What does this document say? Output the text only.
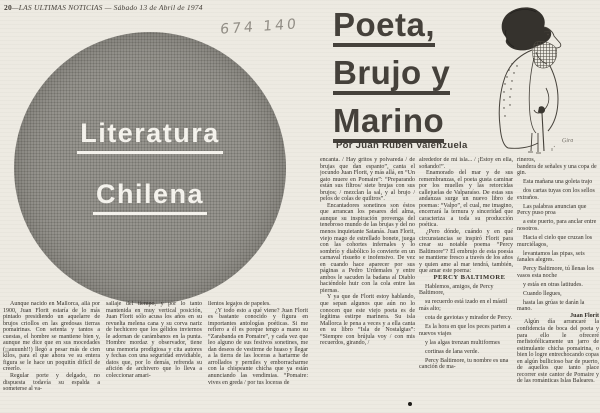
20—LAS ULTIMAS NOTICIAS — Sábado 13 de Abril de 1974
674 140
Literatura
Chilena
Poeta,
Brujo y
Marino
Por Juan Rubén Valenzuela	Gira

Aunque nacido en Mallorca, allá por 1900, Juan Florit estaría de lo más pintado presidiendo un aquelarre de brujos criollos en las gredosas tierras pomairinas. Con setenta y tantos a cuestas, el hombre se mantiene bien y, aunque me dice que en sus mocedades (¡¡auuunh!!) llegó a pesar más de cien kilos, para el que ahora ve su entera figura se le hace un poquitín difícil de creerlo.

Regular porte y delgado, no dispuesta todavía su espalda a someterse al va-

sallaje del tiempo, y por lo tanto mantenida en muy vertical posición, Juan Florit sólo acusa los años en su revuelta melena cana y su corva nariz de hechicero que los gélidos inviernos le adornan de carámbanos en la punta. Hombre mordaz y observador, tiene una memoria prodigiosa y cita autores y fechas con una seguridad envidiable, datos que, por lo demás, refrenda su afición de archivero que lo lleva a coleccionar amari-

llentos legajos de papeles.

¿Y todo esto a qué viene? Juan Florit es bastante conocido y figura en importantes antologías poéticas. Si me refiero a él es porque tengo a mano su “Zarabanda en Pomaire”, y cada vez que leo alguno de sus festivos sonetines, me dan deseos de vestirme de huaso y llegar a la tierra de las loceras a hartarme de arrollados y perniles y emborracharme con la chispeante chicha que ya están anunciando las vendimias. “Pomaire: vives en greda / por tus loceras de

encanta. / Hay gritos y polvareda / de brujas que dan espanto”, canta el jocundo Juan Florit, y más allá, en “Un gato muere en Pomaire”: “Preparando están sus filtros/ siete brujas con sus brujos; / mezclan la sal, y al brujo / pelos de colas de quiltros”.

Encantadores sonetinos son éstos que arrancan los pesares del alma, aunque su inspiración provenga del tenebroso mundo de las brujas y del no menos inquietante Satanás. Juan Florit, viejo mago de estrellado bonete, juega con las cohortes infernales y lo sombrío y diabólico lo convierte en un carnaval risueño e inofensivo. De vez en cuando hace aparecer por sus páginas a Pedro Urdemales y entre ambos le sacuden la badana al Diablo haciéndole huir con la cola entre las piernas.

Y ya que de Florit estoy hablando, que sepan algunos que aún no lo conocen que este viejo poeta es de legítima estirpe marinera. Su isla Mallorca le pena a veces y a ella canta en su libro “Isla de Nostalgias”: “Siempre con brújula voy / con mis recuerdos, girando, /

alrededor de mi isla... / ¡Estoy en ella, soñando!”.

Enamorado del mar y de sus remembranzas, el poeta gusta caminar por los muelles y las retorcidas callejuelas de Valparaíso. De estas sus andanzas surge un nuevo libro de poemas: “Valpo”, el cual, me imagino, encerrará la ternura y sinceridad que caracteriza a toda su producción poética.

¿Pero dónde, cuándo y en qué circunstancias se inspiró Florit para crear su notable poema “Percy Baltimore”? El embrujo de esta poesía se mantiene fresco a través de los años y quien ame al mar tendrá, también, que amar este poema:

PERCY BALTIMORE

Hablemos, amigos, de Percy Baltimore,

su recuerdo está izado en el mástil más alto;

cota de gaviotas y mirador de Percy.

Es la hora en que los peces parten a nuevos viajes

y las algas trenzan multiformes

cortinas de lana verde.

Percy Baltimore, tu nombre es una canción de ma-

rineros,

bandera de señales y una copa de gin.

Esta mañana una goleta trajo

dos cartas tuyas con los sellos extraños.

Las palabras anuncian que Percy puso proa

a este puerto, para anclar entre nosotros.

Hacia el cielo que cruzan los murciélagos,

levantamos las pipas, seis fanales alegres.

Percy Baltimore, tú llenas los vasos esta noche

y estás en otras latitudes.

Cuando llegues,

hasta las grúas te darán la mano.

Juan Florit

Algún día arrancaré la confidencia de boca del poeta y para ello le ofreceré mefistofélicamente un jarro de estimulante chicha pomairina, o bien lo logre entrechocando copas en algún bullicioso bar de puerto, de aquellos que tanto place recorrer este cantor de Pomaire y de las románticas Islas Baleares.
